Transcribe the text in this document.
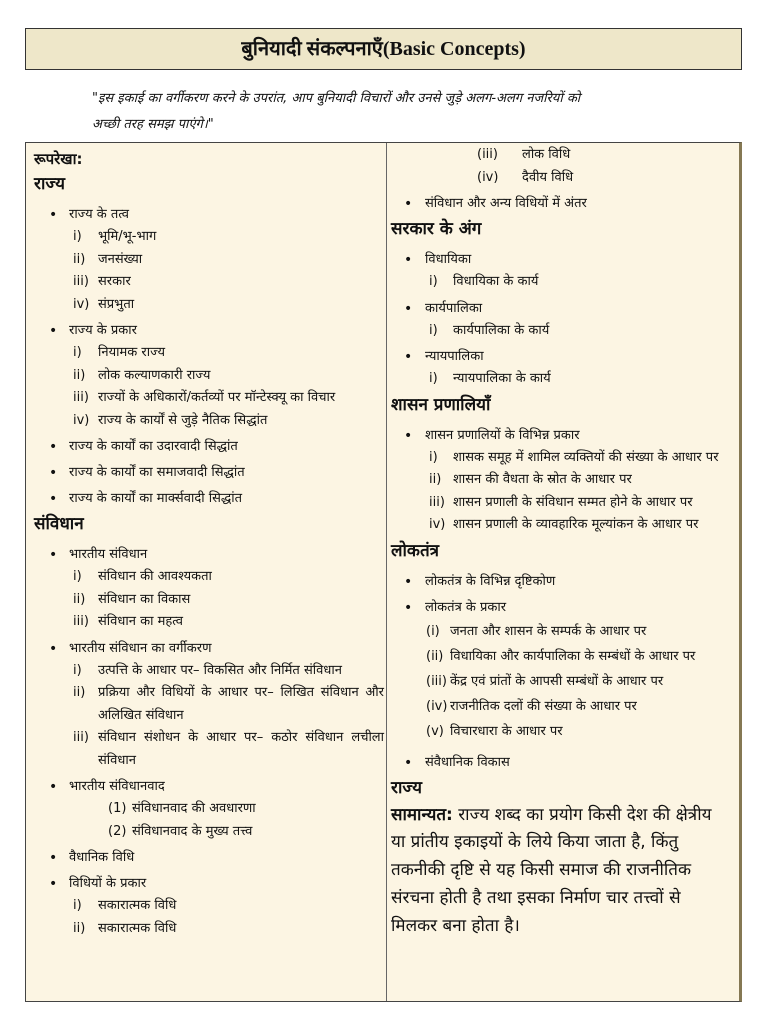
बुनियादी संकल्पनाएँ(Basic Concepts)
"इस इकाई का वर्गीकरण करने के उपरांत, आप बुनियादी विचारों और उनसे जुड़े अलग-अलग नजरियों को
अच्छी तरह समझ पाएंगे।"
रूपरेखा:
राज्य
• राज्य के तत्व
i) भूमि/भू-भाग
ii) जनसंख्या
iii) सरकार
iv) संप्रभुता
• राज्य के प्रकार
i) नियामक राज्य
ii) लोक कल्याणकारी राज्य
iii) राज्यों के अधिकारों/कर्तव्यों पर मॉन्टेस्क्यू का विचार
iv) राज्य के कार्यों से जुड़े नैतिक सिद्धांत
• राज्य के कार्यों का उदारवादी सिद्धांत
• राज्य के कार्यों का समाजवादी सिद्धांत
• राज्य के कार्यों का मार्क्सवादी सिद्धांत
संविधान
• भारतीय संविधान
i) संविधान की आवश्यकता
ii) संविधान का विकास
iii) संविधान का महत्व
• भारतीय संविधान का वर्गीकरण
i) उत्पत्ति के आधार पर– विकसित और निर्मित संविधान
ii) प्रक्रिया और विधियों के आधार पर– लिखित संविधान और अलिखित संविधान
iii) संविधान संशोधन के आधार पर– कठोर संविधान लचीला संविधान
• भारतीय संविधानवाद
(1) संविधानवाद की अवधारणा
(2) संविधानवाद के मुख्य तत्त्व
• वैधानिक विधि
• विधियों के प्रकार
i) सकारात्मक विधि
ii) सकारात्मक विधि
(iii) लोक विधि
(iv) दैवीय विधि
• संविधान और अन्य विधियों में अंतर
सरकार के अंग
• विधायिका
i) विधायिका के कार्य
• कार्यपालिका
i) कार्यपालिका के कार्य
• न्यायपालिका
i) न्यायपालिका के कार्य
शासन प्रणालियाँ
• शासन प्रणालियों के विभिन्न प्रकार
i) शासक समूह में शामिल व्यक्तियों की संख्या के आधार पर
ii) शासन की वैधता के स्रोत के आधार पर
iii) शासन प्रणाली के संविधान सम्मत होने के आधार पर
iv) शासन प्रणाली के व्यावहारिक मूल्यांकन के आधार पर
लोकतंत्र
• लोकतंत्र के विभिन्न दृष्टिकोण
• लोकतंत्र के प्रकार
(i) जनता और शासन के सम्पर्क के आधार पर
(ii) विधायिका और कार्यपालिका के सम्बंधों के आधार पर
(iii) केंद्र एवं प्रांतों के आपसी सम्बंधों के आधार पर
(iv) राजनीतिक दलों की संख्या के आधार पर
(v) विचारधारा के आधार पर
• संवैधानिक विकास
राज्य
सामान्यत: राज्य शब्द का प्रयोग किसी देश की क्षेत्रीय या प्रांतीय इकाइयों के लिये किया जाता है, किंतु तकनीकी दृष्टि से यह किसी समाज की राजनीतिक संरचना होती है तथा इसका निर्माण चार तत्त्वों से मिलकर बना होता है।
